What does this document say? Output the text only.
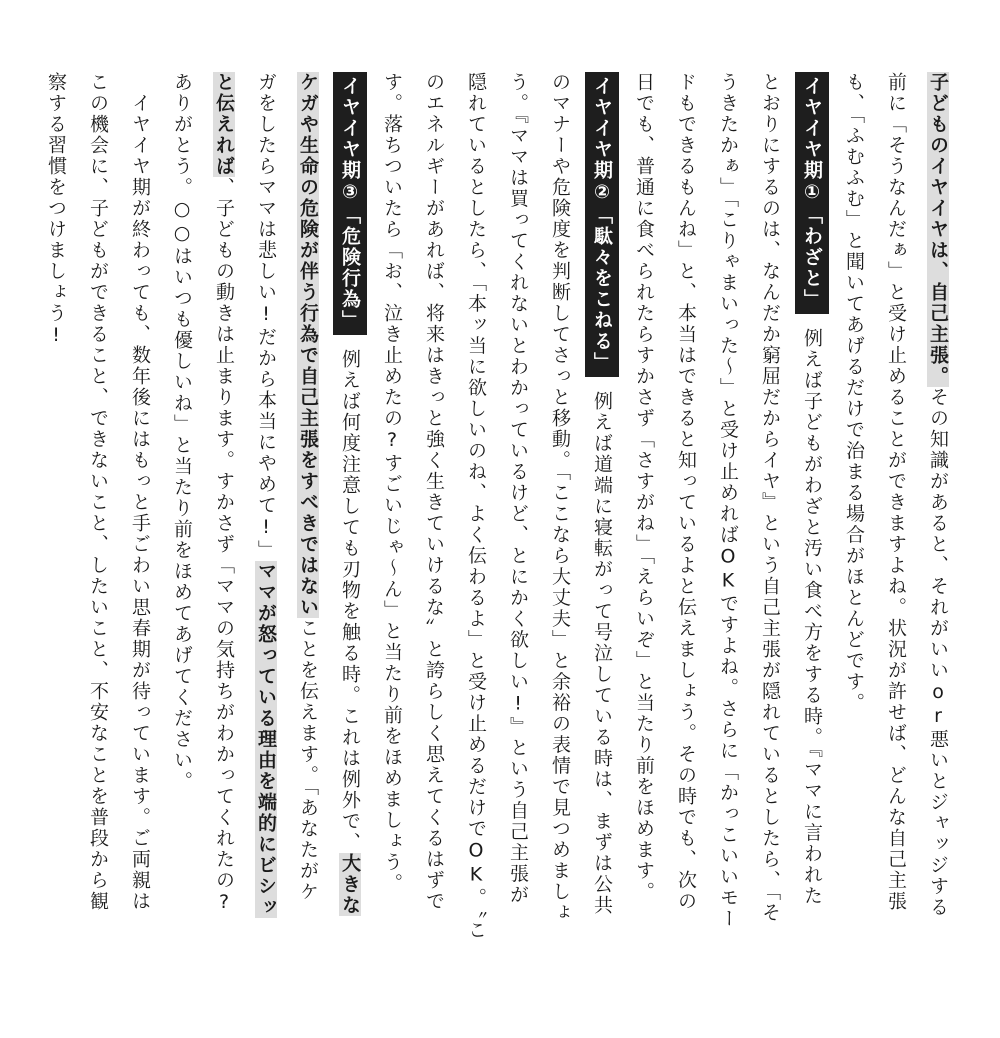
子どものイヤイヤは、自己主張。その知識があると、それがいいor悪いとジャッジする
前に「そうなんだぁ」と受け止めることができますよね。状況が許せば、どんな自己主張
も、「ふむふむ」と聞いてあげるだけで治まる場合がほとんどです。
イヤイヤ期①「わざと」例えば子どもがわざと汚い食べ方をする時。『ママに言われた
とおりにするのは、なんだか窮屈だからイヤ』という自己主張が隠れているとしたら、「そ
うきたかぁ」「こりゃまいった〜」と受け止めればOKですよね。さらに「かっこいいモー
ドもできるもんね」と、本当はできると知っているよと伝えましょう。その時でも、次の
日でも、普通に食べられたらすかさず「さすがね」「えらいぞ」と当たり前をほめます。
イヤイヤ期②「駄々をこねる」例えば道端に寝転がって号泣している時は、まずは公共
のマナーや危険度を判断してさっと移動。「ここなら大丈夫」と余裕の表情で見つめましょ
う。『ママは買ってくれないとわかっているけど、とにかく欲しい!』という自己主張が
隠れているとしたら、「本ッ当に欲しいのね、よく伝わるよ」と受け止めるだけでOK。〝こ
のエネルギーがあれば、将来はきっと強く生きていけるな〟と誇らしく思えてくるはずで
す。落ちついたら「お、泣き止めたの?すごいじゃ〜ん」と当たり前をほめましょう。
イヤイヤ期③「危険行為」例えば何度注意しても刃物を触る時。これは例外で、大きな
ケガや生命の危険が伴う行為で自己主張をすべきではないことを伝えます。「あなたがケ
ガをしたらママは悲しい!だから本当にやめて!」ママが怒っている理由を端的にビシッ
と伝えれば、子どもの動きは止まります。すかさず「ママの気持ちがわかってくれたの?
ありがとう。○○はいつも優しいね」と当たり前をほめてあげてください。
　イヤイヤ期が終わっても、数年後にはもっと手ごわい思春期が待っています。ご両親は
この機会に、子どもができること、できないこと、したいこと、不安なことを普段から観
察する習慣をつけましょう!
